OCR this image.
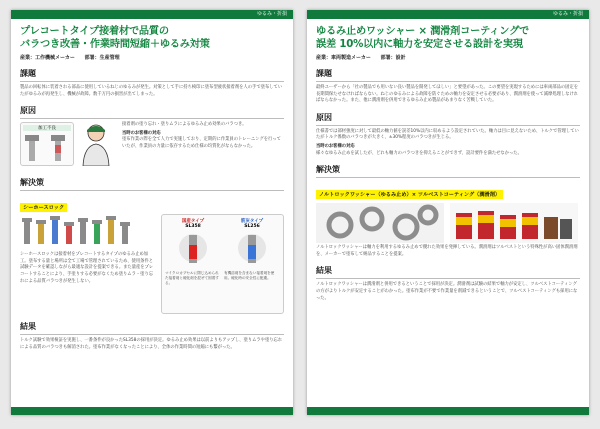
ゆるみ・折損
プレコートタイプ接着材で品質の
バラつき改善・作業時間短縮＋ゆるみ対策
産業：工作機械メーカー 部署：生産管理
課題
製品の回転体に装着される部品に使用しているねじのゆるみが発生。対策として手に持ち検印に塗布型液状接着剤を人の手で塗布していたがゆるみが再発生し、機械が故障。数千万円の損害が出てしまった。
原因
加工不良
接着剤の塗り忘れ・塗りムラによるゆるみ止め効果のバラつき。
当時のお客様の対応
塗布作業の際を全て人力で実施しており、定期的に作業員のトレーニングを行っていたが、作業員の力量に依存するため仕様の均質化がならなかった。
解決策
シーホースロック
シーホースロックは接着材をプレコートするタイプのゆるみ止め加工。塗布する量と場所は全て工場で管理されているため、使用条件と試験データを確認しながら最適な設計を提案できる。また量産をプレコートすることにより、手塗りする必要がなくため塗りムラ・塗り忘れによる品質バラつきが発生しない。
国産タイプ
SL358
マイクロカプセルに閉じ込められた接着剤と硬化剤を混ぜて固着する。
筋灰タイプ
SL256
有機溶剤を含まない接着剤を使用。硬化時の安全性に配慮。
結果
トルク試験で効果検証を実施し、一番条件が良かったSL358の採用が決定。ゆるみ止め効果は以前よりもアップし、塗りムラや塗り忘れによる品質のバラつきも解消された。塗布作業がなくなったことにより、全体の作業時間の短縮にも繋がった。
ゆるみ・折損
ゆるみ止めワッシャー × 潤滑剤コーティングで
誤差 10%以内に軸力を安定させる設計を実現
産業：車両製造メーカー 部署：設計
課題
最終ユーザーから「社の製品でも用いない良い製品を開発してほしい」と要望があった。この要望を実現するためには車両部品の固定を長期間保たせなければならない。ねじのゆるみによる故障を防ぐための軸力を安定させる必要があり、潤滑剤を使って減摩処理しなければならなかった。また、他に潤滑剤を併用できるゆるみ止め製品があまりなく苦戦していた。
原因
仕様書では部材強度に対して最低の軸力値を誤差10%以内に収めるよう設定されていた。軸力は目に見えないため、トルクで管理していたがトルク係数のバラつきが大きく、±30%程度のバラつきが生じる。
当時のお客様の対応
様々なゆるみ止めを試したが、どれも軸力のバラつきを抑えることができず、設計要件を満たせなかった。
解決策
ノルトロックワッシャー（ゆるみ止め）× ツルベストコーティング（潤滑剤）
ノルトロックワッシャーは軸力を利用するゆるみ止めで優れた効果を発揮している。潤滑剤はツルベストという特殊性が高い固体潤滑剤を、メーカーで塗布して納品することを提案。
結果
ノルトロックワッシャーは潤滑剤と併用できるということで採用が決定。潤滑剤は試験の結果で軸力が安定し、ツルベストコーティングの方がよりトルクが安定することがわかった。塗布作業が不要で作業量を削減できるということで、ツルベストコーティングも採用になった。
